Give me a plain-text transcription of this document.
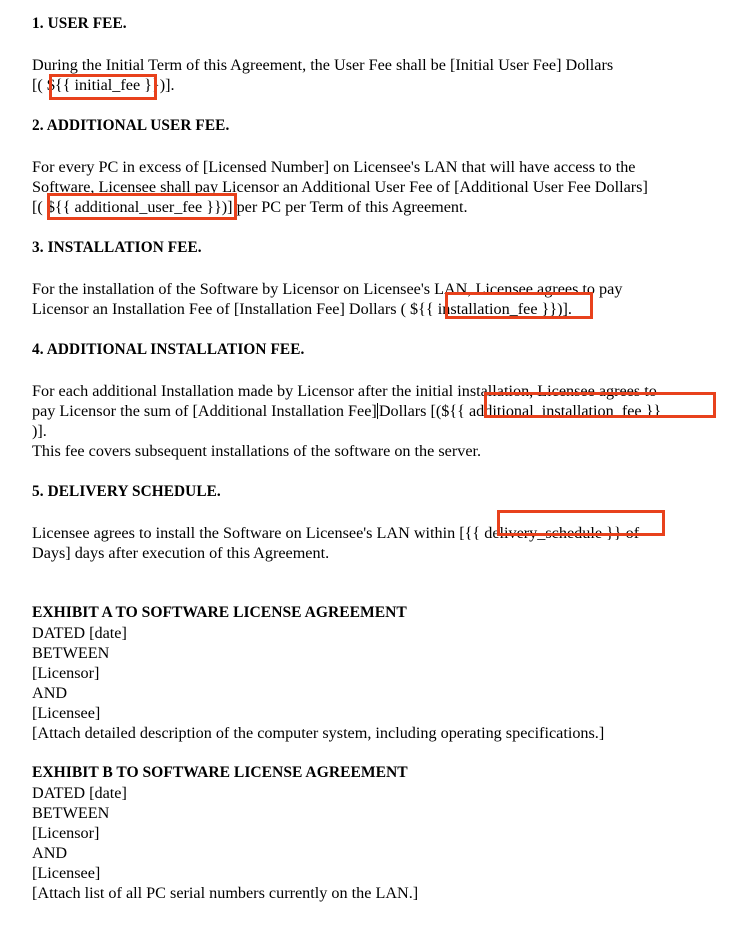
1. USER FEE.

During the Initial Term of this Agreement, the User Fee shall be [Initial User Fee] Dollars
[( ${{ initial_fee }})].

2. ADDITIONAL USER FEE.

For every PC in excess of [Licensed Number] on Licensee's LAN that will have access to the
Software, Licensee shall pay Licensor an Additional User Fee of [Additional User Fee Dollars]
[( ${{ additional_user_fee }})] per PC per Term of this Agreement.

3. INSTALLATION FEE.

For the installation of the Software by Licensor on Licensee's LAN, Licensee agrees to pay
Licensor an Installation Fee of [Installation Fee] Dollars ( ${{ installation_fee }})].

4. ADDITIONAL INSTALLATION FEE.

For each additional Installation made by Licensor after the initial installation, Licensee agrees to
pay Licensor the sum of [Additional Installation Fee] Dollars [(${{ additional_installation_fee }}
)].
This fee covers subsequent installations of the software on the server.

5. DELIVERY SCHEDULE.

Licensee agrees to install the Software on Licensee's LAN within [{{ delivery_schedule }} of
Days] days after execution of this Agreement.

EXHIBIT A TO SOFTWARE LICENSE AGREEMENT
DATED [date]
BETWEEN
[Licensor]
AND
[Licensee]
[Attach detailed description of the computer system, including operating specifications.]
EXHIBIT B TO SOFTWARE LICENSE AGREEMENT
DATED [date]
BETWEEN
[Licensor]
AND
[Licensee]
[Attach list of all PC serial numbers currently on the LAN.]
